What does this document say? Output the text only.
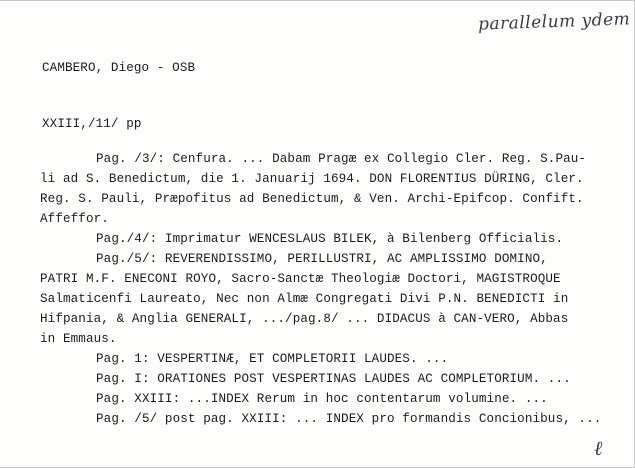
parallelum ydem
CAMBERO, Diego - OSB
XXIII,/11/ pp
Pag. /3/: Cenfura. ... Dabam Pragæ ex Collegio Cler. Reg. S.Pau-
li ad S. Benedictum, die 1. Januarij 1694. DON FLORENTIUS DÜRING, Cler.
Reg. S. Pauli, Præpofitus ad Benedictum, & Ven. Archi-Epifcop. Confift.
Affeffor.
Pag./4/: Imprimatur WENCESLAUS BILEK, à Bilenberg Officialis.
Pag./5/: REVERENDISSIMO, PERILLUSTRI, AC AMPLISSIMO DOMINO,
PATRI M.F. ENECONI ROYO, Sacro-Sanctæ Theologiæ Doctori, MAGISTROQUE
Salmaticenfi Laureato, Nec non Almæ Congregati Divi P.N. BENEDICTI in
Hifpania, & Anglia GENERALI, .../pag.8/ ... DIDACUS à CAN-VERO, Abbas
in Emmaus.
Pag. 1: VESPERTINÆ, ET COMPLETORII LAUDES. ...
Pag. I: ORATIONES POST VESPERTINAS LAUDES AC COMPLETORIUM. ...
Pag. XXIII: ...INDEX Rerum in hoc contentarum volumine. ...
Pag. /5/ post pag. XXIII: ... INDEX pro formandis Concionibus, ...
ℓ
